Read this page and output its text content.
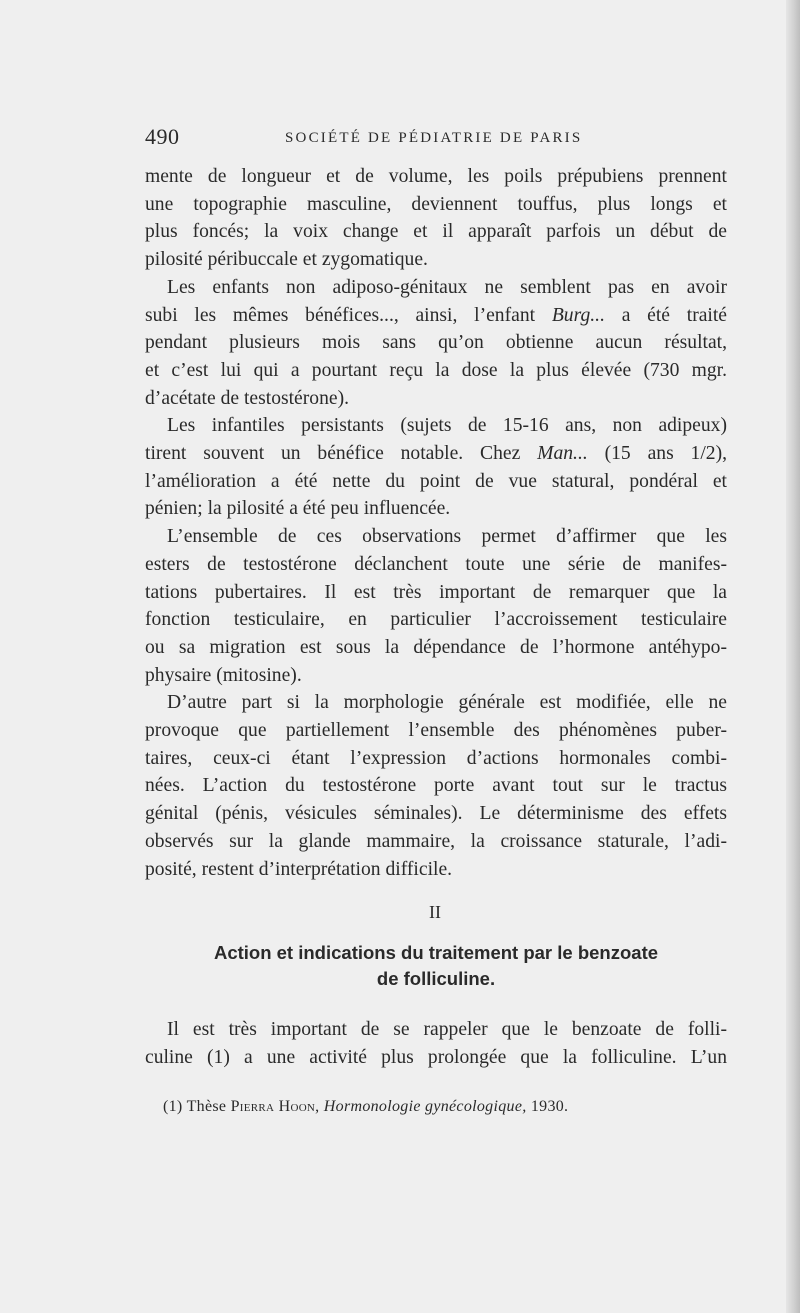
490	SOCIÉTÉ DE PÉDIATRIE DE PARIS
mente de longueur et de volume, les poils prépubiens prennent
une topographie masculine, deviennent touffus, plus longs et
plus foncés; la voix change et il apparaît parfois un début de
pilosité péribuccale et zygomatique.
Les enfants non adiposo-génitaux ne semblent pas en avoir
subi les mêmes bénéfices..., ainsi, l’enfant Burg... a été traité
pendant plusieurs mois sans qu’on obtienne aucun résultat,
et c’est lui qui a pourtant reçu la dose la plus élevée (730 mgr.
d’acétate de testostérone).
Les infantiles persistants (sujets de 15-16 ans, non adipeux)
tirent souvent un bénéfice notable. Chez Man... (15 ans 1/2),
l’amélioration a été nette du point de vue statural, pondéral et
pénien; la pilosité a été peu influencée.
L’ensemble de ces observations permet d’affirmer que les
esters de testostérone déclanchent toute une série de manifes-
tations pubertaires. Il est très important de remarquer que la
fonction testiculaire, en particulier l’accroissement testiculaire
ou sa migration est sous la dépendance de l’hormone antéhypo-
physaire (mitosine).
D’autre part si la morphologie générale est modifiée, elle ne
provoque que partiellement l’ensemble des phénomènes puber-
taires, ceux-ci étant l’expression d’actions hormonales combi-
nées. L’action du testostérone porte avant tout sur le tractus
génital (pénis, vésicules séminales). Le déterminisme des effets
observés sur la glande mammaire, la croissance staturale, l’adi-
posité, restent d’interprétation difficile.
II
Action et indications du traitement par le benzoate
de folliculine.
Il est très important de se rappeler que le benzoate de folli-
culine (1) a une activité plus prolongée que la folliculine. L’un
(1) Thèse Pierra Hoon, Hormonologie gynécologique, 1930.
